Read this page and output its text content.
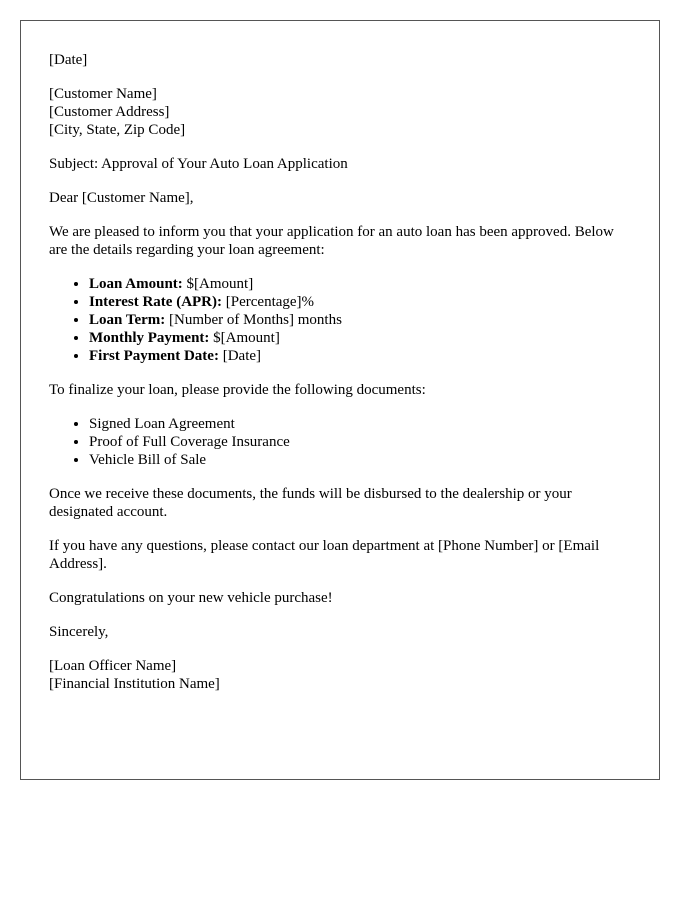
[Date]

[Customer Name]
[Customer Address]
[City, State, Zip Code]

Subject: Approval of Your Auto Loan Application

Dear [Customer Name],

We are pleased to inform you that your application for an auto loan has been approved. Below are the details regarding your loan agreement:

• Loan Amount: $[Amount]
• Interest Rate (APR): [Percentage]%
• Loan Term: [Number of Months] months
• Monthly Payment: $[Amount]
• First Payment Date: [Date]

To finalize your loan, please provide the following documents:

• Signed Loan Agreement
• Proof of Full Coverage Insurance
• Vehicle Bill of Sale

Once we receive these documents, the funds will be disbursed to the dealership or your designated account.

If you have any questions, please contact our loan department at [Phone Number] or [Email Address].

Congratulations on your new vehicle purchase!

Sincerely,

[Loan Officer Name]
[Financial Institution Name]
